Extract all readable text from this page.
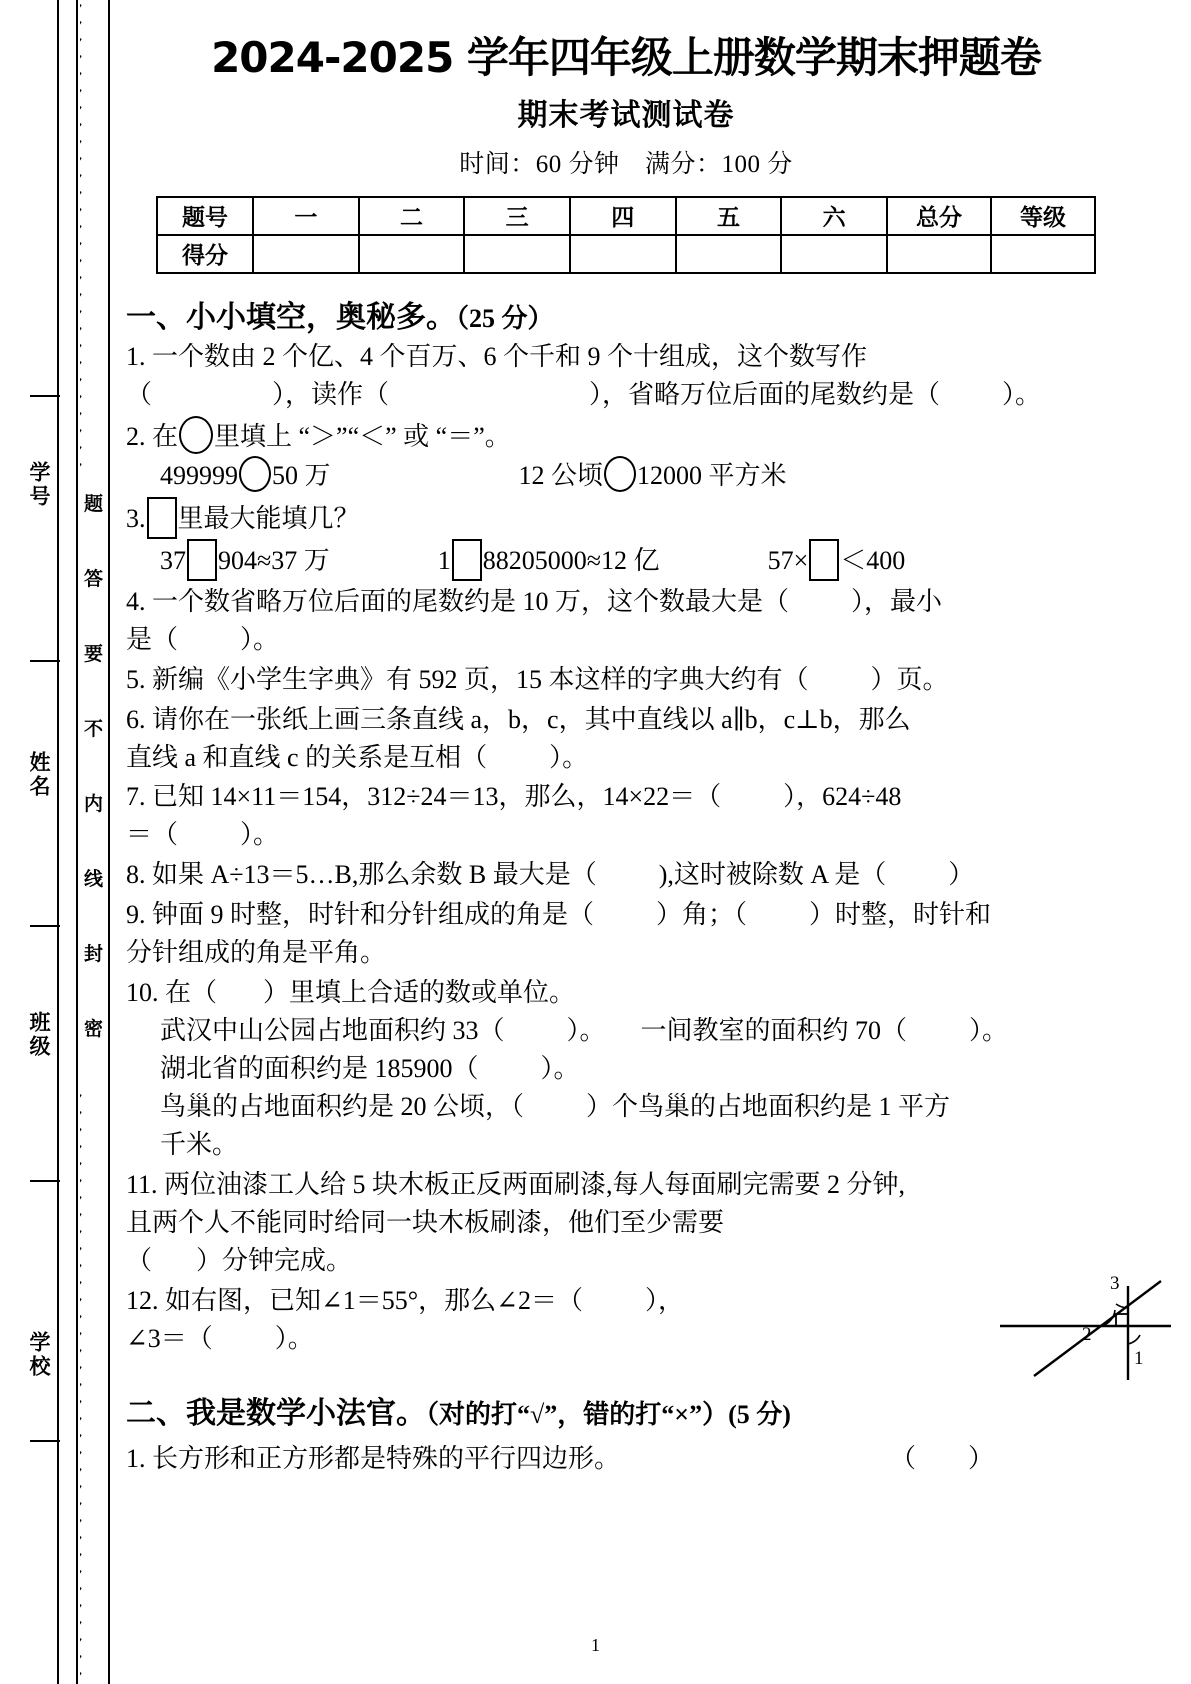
学号
姓名
班级
学校
题
答
要
不
内
线
封
密
2024-2025 学年四年级上册数学期末押题卷
期末考试测试卷
时间：60 分钟　满分：100 分
题号	一	二	三	四	五	六	总分	等级
得分								
一、小小填空，奥秘多。（25 分）
1. 一个数由 2 个亿、4 个百万、6 个千和 9 个十组成，这个数写作
（	），读作（	），省略万位后面的尾数约是（ ）。
2. 在 里填上 “＞”“＜” 或 “＝”。
499999 50 万	12 公顷 12000 平方米
3. 里最大能填几？
37 904≈37 万	1 88205000≈12 亿	57× ＜400
4. 一个数省略万位后面的尾数约是 10 万，这个数最大是（ ），最小
是（ ）。
5. 新编《小学生字典》有 592 页，15 本这样的字典大约有（ ）页。
6. 请你在一张纸上画三条直线 a，b，c，其中直线以 a∥b，c⊥b，那么
直线 a 和直线 c 的关系是互相（ ）。
7. 已知 14×11＝154，312÷24＝13，那么，14×22＝（ ），624÷48
＝（ ）。
8. 如果 A÷13＝5…B,那么余数 B 最大是（ ),这时被除数 A 是（ ）
9. 钟面 9 时整，时针和分针组成的角是（ ）角；（ ）时整，时针和
分针组成的角是平角。
10. 在（ ）里填上合适的数或单位。
武汉中山公园占地面积约 33（ ）。 一间教室的面积约 70（ ）。
湖北省的面积约是 185900（ ）。
鸟巢的占地面积约是 20 公顷，（ ）个鸟巢的占地面积约是 1 平方
千米。
11. 两位油漆工人给 5 块木板正反两面刷漆,每人每面刷完需要 2 分钟,
且两个人不能同时给同一块木板刷漆，他们至少需要
（ ）分钟完成。
12. 如右图，已知∠1＝55°，那么∠2＝（ ），
∠3＝（ ）。
二、我是数学小法官。（对的打“√”，错的打“×”）(5 分)
1. 长方形和正方形都是特殊的平行四边形。	（　　）
3
2
1
1
